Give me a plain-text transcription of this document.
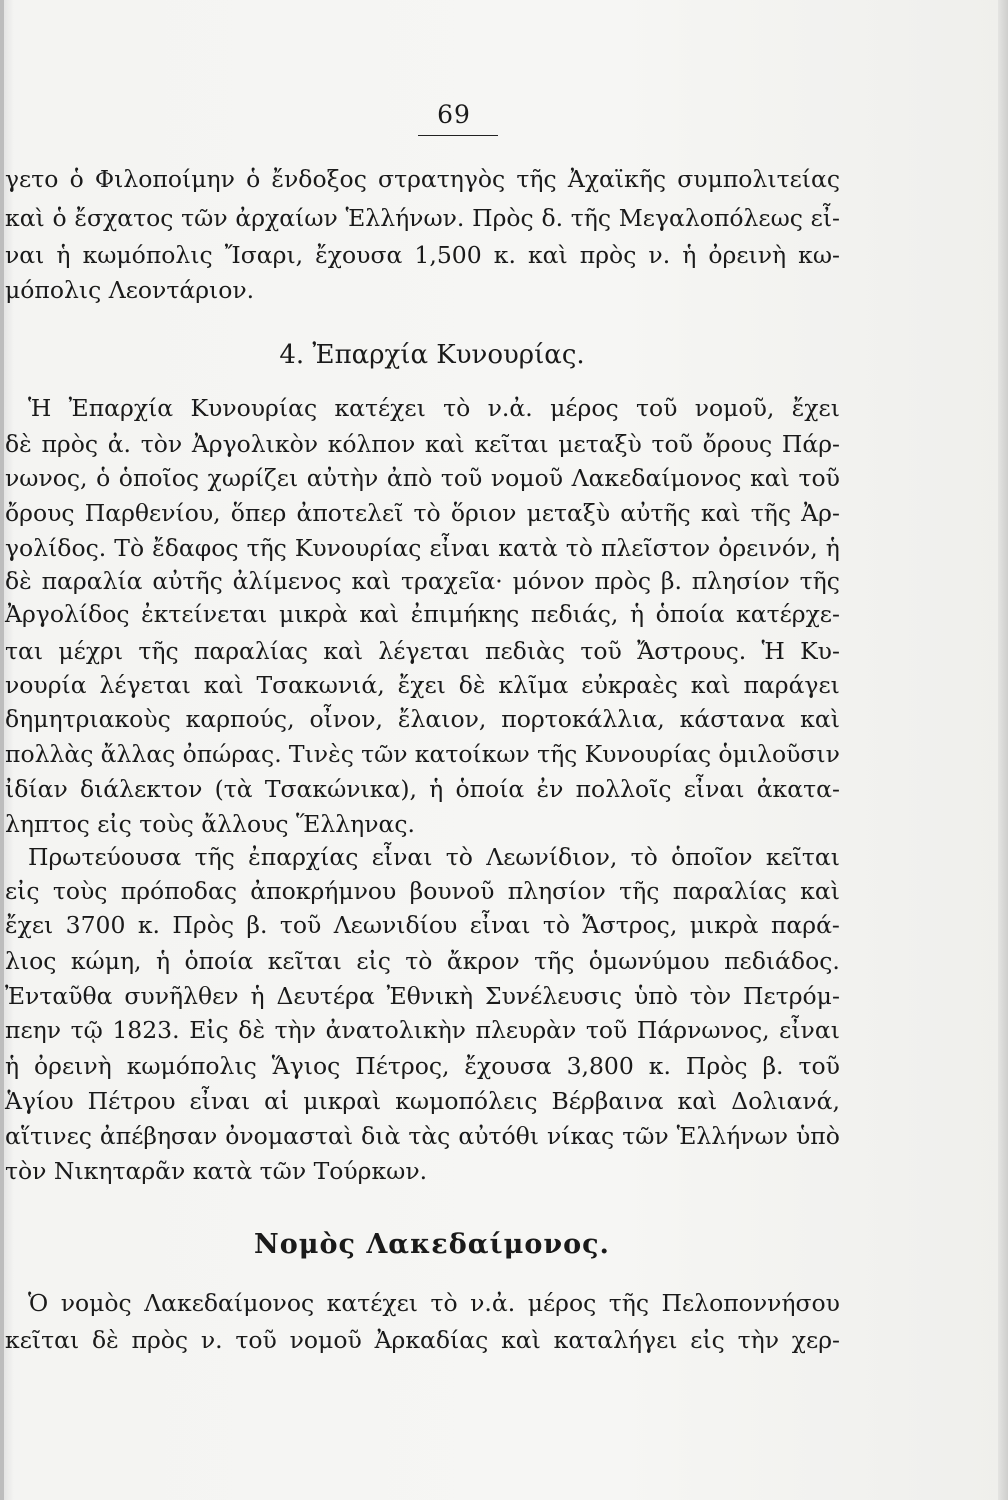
69
γετο ὁ Φιλοποίμην ὁ ἔνδοξος στρατηγὸς τῆς Ἀχαϊκῆς συμπολιτείας
καὶ ὁ ἔσχατος τῶν ἀρχαίων Ἑλλήνων. Πρὸς δ. τῆς Μεγαλοπόλεως εἶ-
ναι ἡ κωμόπολις Ἴσαρι, ἔχουσα 1,500 κ. καὶ πρὸς ν. ἡ ὀρεινὴ κω-
μόπολις Λεοντάριον.
4. Ἐπαρχία Κυνουρίας.
Ἡ Ἐπαρχία Κυνουρίας κατέχει τὸ ν.ἀ. μέρος τοῦ νομοῦ, ἔχει
δὲ πρὸς ἀ. τὸν Ἀργολικὸν κόλπον καὶ κεῖται μεταξὺ τοῦ ὄρους Πάρ-
νωνος, ὁ ὁποῖος χωρίζει αὐτὴν ἀπὸ τοῦ νομοῦ Λακεδαίμονος καὶ τοῦ
ὄρους Παρθενίου, ὅπερ ἀποτελεῖ τὸ ὅριον μεταξὺ αὐτῆς καὶ τῆς Ἀρ-
γολίδος. Τὸ ἔδαφος τῆς Κυνουρίας εἶναι κατὰ τὸ πλεῖστον ὀρεινόν, ἡ
δὲ παραλία αὐτῆς ἀλίμενος καὶ τραχεῖα· μόνον πρὸς β. πλησίον τῆς
Ἀργολίδος ἐκτείνεται μικρὰ καὶ ἐπιμήκης πεδιάς, ἡ ὁποία κατέρχε-
ται μέχρι τῆς παραλίας καὶ λέγεται πεδιὰς τοῦ Ἄστρους. Ἡ Κυ-
νουρία λέγεται καὶ Τσακωνιά, ἔχει δὲ κλῖμα εὐκραὲς καὶ παράγει
δημητριακοὺς καρπούς, οἶνον, ἔλαιον, πορτοκάλλια, κάστανα καὶ
πολλὰς ἄλλας ὀπώρας. Τινὲς τῶν κατοίκων τῆς Κυνουρίας ὁμιλοῦσιν
ἰδίαν διάλεκτον (τὰ Τσακώνικα), ἡ ὁποία ἐν πολλοῖς εἶναι ἀκατα-
ληπτος εἰς τοὺς ἄλλους Ἕλληνας.
Πρωτεύουσα τῆς ἐπαρχίας εἶναι τὸ Λεωνίδιον, τὸ ὁποῖον κεῖται
εἰς τοὺς πρόποδας ἀποκρήμνου βουνοῦ πλησίον τῆς παραλίας καὶ
ἔχει 3700 κ. Πρὸς β. τοῦ Λεωνιδίου εἶναι τὸ Ἄστρος, μικρὰ παρά-
λιος κώμη, ἡ ὁποία κεῖται εἰς τὸ ἄκρον τῆς ὁμωνύμου πεδιάδος.
Ἐνταῦθα συνῆλθεν ἡ Δευτέρα Ἐθνικὴ Συνέλευσις ὑπὸ τὸν Πετρόμ-
πεην τῷ 1823. Εἰς δὲ τὴν ἀνατολικὴν πλευρὰν τοῦ Πάρνωνος, εἶναι
ἡ ὀρεινὴ κωμόπολις Ἅγιος Πέτρος, ἔχουσα 3,800 κ. Πρὸς β. τοῦ
Ἁγίου Πέτρου εἶναι αἱ μικραὶ κωμοπόλεις Βέρβαινα καὶ Δολιανά,
αἵτινες ἀπέβησαν ὀνομασταὶ διὰ τὰς αὐτόθι νίκας τῶν Ἑλλήνων ὑπὸ
τὸν Νικηταρᾶν κατὰ τῶν Τούρκων.
Νομὸς Λακεδαίμονος.
Ὁ νομὸς Λακεδαίμονος κατέχει τὸ ν.ἀ. μέρος τῆς Πελοποννήσου
κεῖται δὲ πρὸς ν. τοῦ νομοῦ Ἀρκαδίας καὶ καταλήγει εἰς τὴν χερ-
